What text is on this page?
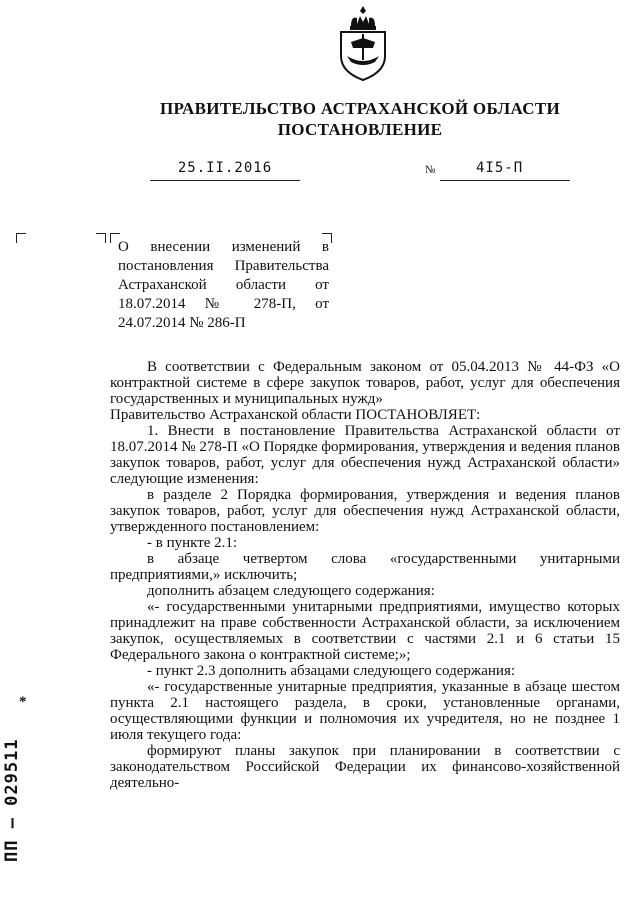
ПРАВИТЕЛЬСТВО АСТРАХАНСКОЙ ОБЛАСТИ
ПОСТАНОВЛЕНИЕ
25.II.2016	№	4I5-П
О внесении изменений в постановления Правительства Астраханской области от 18.07.2014 № 278-П, от 24.07.2014 № 286-П

В соответствии с Федеральным законом от 05.04.2013 № 44-ФЗ «О контрактной системе в сфере закупок товаров, работ, услуг для обеспечения государственных и муниципальных нужд»

Правительство Астраханской области ПОСТАНОВЛЯЕТ:

1. Внести в постановление Правительства Астраханской области от 18.07.2014 № 278-П «О Порядке формирования, утверждения и ведения планов закупок товаров, работ, услуг для обеспечения нужд Астраханской области» следующие изменения:

в разделе 2 Порядка формирования, утверждения и ведения планов закупок товаров, работ, услуг для обеспечения нужд Астраханской области, утвержденного постановлением:

- в пункте 2.1:

в абзаце четвертом слова «государственными унитарными предприятиями,» исключить;

дополнить абзацем следующего содержания:

«- государственными унитарными предприятиями, имущество которых принадлежит на праве собственности Астраханской области, за исключением закупок, осуществляемых в соответствии с частями 2.1 и 6 статьи 15 Федерального закона о контрактной системе;»;

- пункт 2.3 дополнить абзацами следующего содержания:

«- государственные унитарные предприятия, указанные в абзаце шестом пункта 2.1 настоящего раздела, в сроки, установленные органами, осуществляющими функции и полномочия их учредителя, но не позднее 1 июля текущего года:

формируют планы закупок при планировании в соответствии с законодательством Российской Федерации их финансово-хозяйственной деятельно-

ПП – 029511
*
